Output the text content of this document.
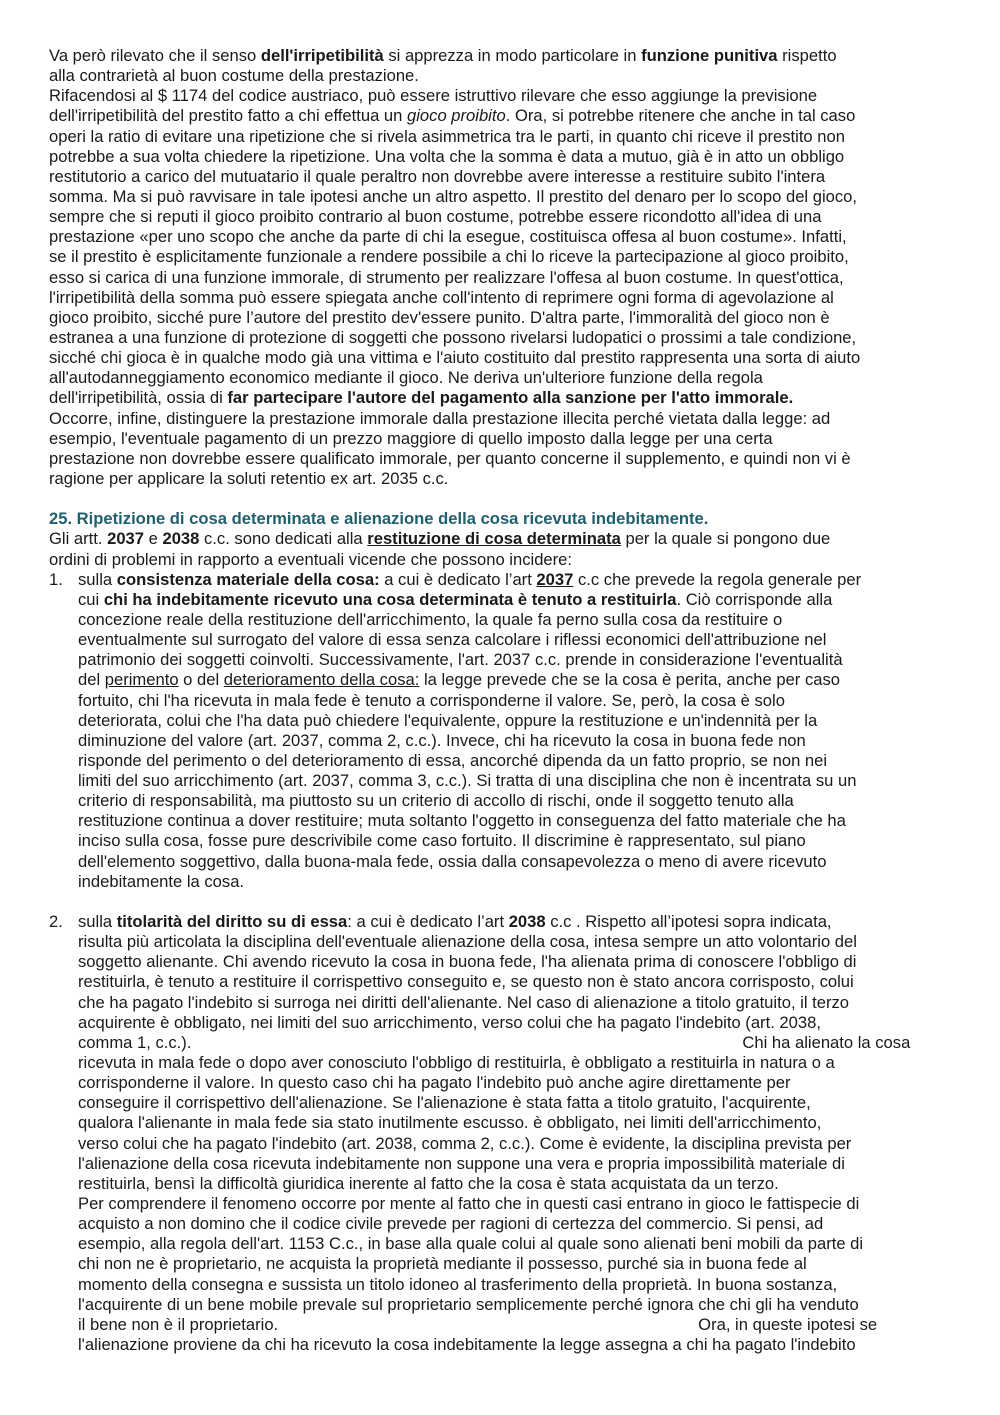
Va però rilevato che il senso dell'irripetibilità si apprezza in modo particolare in funzione punitiva rispetto
alla contrarietà al buon costume della prestazione.
Rifacendosi al $ 1174 del codice austriaco, può essere istruttivo rilevare che esso aggiunge la previsione
dell'irripetibilità del prestito fatto a chi effettua un gioco proibito. Ora, si potrebbe ritenere che anche in tal caso
operi la ratio di evitare una ripetizione che si rivela asimmetrica tra le parti, in quanto chi riceve il prestito non
potrebbe a sua volta chiedere la ripetizione. Una volta che la somma è data a mutuo, già è in atto un obbligo
restitutorio a carico del mutuatario il quale peraltro non dovrebbe avere interesse a restituire subito l'intera
somma. Ma si può ravvisare in tale ipotesi anche un altro aspetto. Il prestito del denaro per lo scopo del gioco,
sempre che si reputi il gioco proibito contrario al buon costume, potrebbe essere ricondotto all'idea di una
prestazione «per uno scopo che anche da parte di chi la esegue, costituisca offesa al buon costume». Infatti,
se il prestito è esplicitamente funzionale a rendere possibile a chi lo riceve la partecipazione al gioco proibito,
esso si carica di una funzione immorale, di strumento per realizzare l'offesa al buon costume. In quest'ottica,
l'irripetibilità della somma può essere spiegata anche coll'intento di reprimere ogni forma di agevolazione al
gioco proibito, sicché pure l’autore del prestito dev'essere punito. D'altra parte, l'immoralità del gioco non è
estranea a una funzione di protezione di soggetti che possono rivelarsi ludopatici o prossimi a tale condizione,
sicché chi gioca è in qualche modo già una vittima e l'aiuto costituito dal prestito rappresenta una sorta di aiuto
all'autodanneggiamento economico mediante il gioco. Ne deriva un'ulteriore funzione della regola
dell'irripetibilità, ossia di far partecipare l'autore del pagamento alla sanzione per l'atto immorale.
Occorre, infine, distinguere la prestazione immorale dalla prestazione illecita perché vietata dalla legge: ad
esempio, l'eventuale pagamento di un prezzo maggiore di quello imposto dalla legge per una certa
prestazione non dovrebbe essere qualificato immorale, per quanto concerne il supplemento, e quindi non vi è
ragione per applicare la soluti retentio ex art. 2035 c.c.
25. Ripetizione di cosa determinata e alienazione della cosa ricevuta indebitamente.
Gli artt. 2037 e 2038 c.c. sono dedicati alla restituzione di cosa determinata per la quale si pongono due
ordini di problemi in rapporto a eventuali vicende che possono incidere:
1. sulla consistenza materiale della cosa: a cui è dedicato l’art 2037 c.c che prevede la regola generale per
cui chi ha indebitamente ricevuto una cosa determinata è tenuto a restituirla. Ciò corrisponde alla
concezione reale della restituzione dell'arricchimento, la quale fa perno sulla cosa da restituire o
eventualmente sul surrogato del valore di essa senza calcolare i riflessi economici dell'attribuzione nel
patrimonio dei soggetti coinvolti. Successivamente, l'art. 2037 c.c. prende in considerazione l'eventualità
del perimento o del deterioramento della cosa: la legge prevede che se la cosa è perita, anche per caso
fortuito, chi l'ha ricevuta in mala fede è tenuto a corrisponderne il valore. Se, però, la cosa è solo
deteriorata, colui che l'ha data può chiedere l'equivalente, oppure la restituzione e un'indennità per la
diminuzione del valore (art. 2037, comma 2, c.c.). Invece, chi ha ricevuto la cosa in buona fede non
risponde del perimento o del deterioramento di essa, ancorché dipenda da un fatto proprio, se non nei
limiti del suo arricchimento (art. 2037, comma 3, c.c.). Si tratta di una disciplina che non è incentrata su un
criterio di responsabilità, ma piuttosto su un criterio di accollo di rischi, onde il soggetto tenuto alla
restituzione continua a dover restituire; muta soltanto l'oggetto in conseguenza del fatto materiale che ha
inciso sulla cosa, fosse pure descrivibile come caso fortuito. Il discrimine è rappresentato, sul piano
dell'elemento soggettivo, dalla buona-mala fede, ossia dalla consapevolezza o meno di avere ricevuto
indebitamente la cosa.
2. sulla titolarità del diritto su di essa: a cui è dedicato l’art 2038 c.c . Rispetto all’ipotesi sopra indicata,
risulta più articolata la disciplina dell'eventuale alienazione della cosa, intesa sempre un atto volontario del
soggetto alienante. Chi avendo ricevuto la cosa in buona fede, l'ha alienata prima di conoscere l'obbligo di
restituirla, è tenuto a restituire il corrispettivo conseguito e, se questo non è stato ancora corrisposto, colui
che ha pagato l'indebito si surroga nei diritti dell'alienante. Nel caso di alienazione a titolo gratuito, il terzo
acquirente è obbligato, nei limiti del suo arricchimento, verso colui che ha pagato l'indebito (art. 2038,
comma 1, c.c.).	Chi ha alienato la cosa
ricevuta in mala fede o dopo aver conosciuto l'obbligo di restituirla, è obbligato a restituirla in natura o a
corrisponderne il valore. In questo caso chi ha pagato l'indebito può anche agire direttamente per
conseguire il corrispettivo dell'alienazione. Se l'alienazione è stata fatta a titolo gratuito, l'acquirente,
qualora l'alienante in mala fede sia stato inutilmente escusso. è obbligato, nei limiti dell'arricchimento,
verso colui che ha pagato l'indebito (art. 2038, comma 2, c.c.). Come è evidente, la disciplina prevista per
l'alienazione della cosa ricevuta indebitamente non suppone una vera e propria impossibilità materiale di
restituirla, bensì la difficoltà giuridica inerente al fatto che la cosa è stata acquistata da un terzo.
Per comprendere il fenomeno occorre por mente al fatto che in questi casi entrano in gioco le fattispecie di
acquisto a non domino che il codice civile prevede per ragioni di certezza del commercio. Si pensi, ad
esempio, alla regola dell'art. 1153 C.c., in base alla quale colui al quale sono alienati beni mobili da parte di
chi non ne è proprietario, ne acquista la proprietà mediante il possesso, purché sia in buona fede al
momento della consegna e sussista un titolo idoneo al trasferimento della proprietà. In buona sostanza,
l'acquirente di un bene mobile prevale sul proprietario semplicemente perché ignora che chi gli ha venduto
il bene non è il proprietario.	Ora, in queste ipotesi se
l'alienazione proviene da chi ha ricevuto la cosa indebitamente la legge assegna a chi ha pagato l'indebito
